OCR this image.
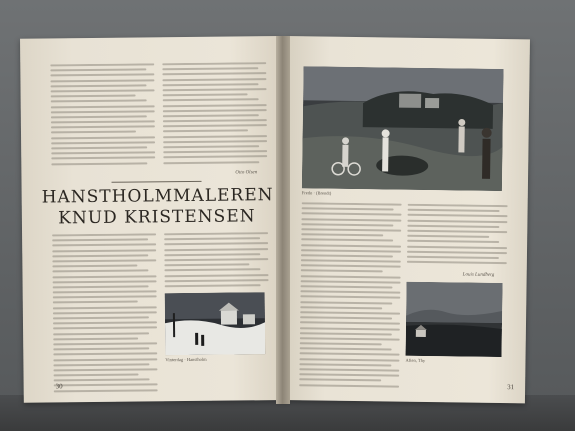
Otto Olsen
HANSTHOLMMALEREN
KNUD KRISTENSEN
Vinterdag · Hanstholm
30
Fredo · (Brendt)
Louis Lundberg
Aften, Thy
31
